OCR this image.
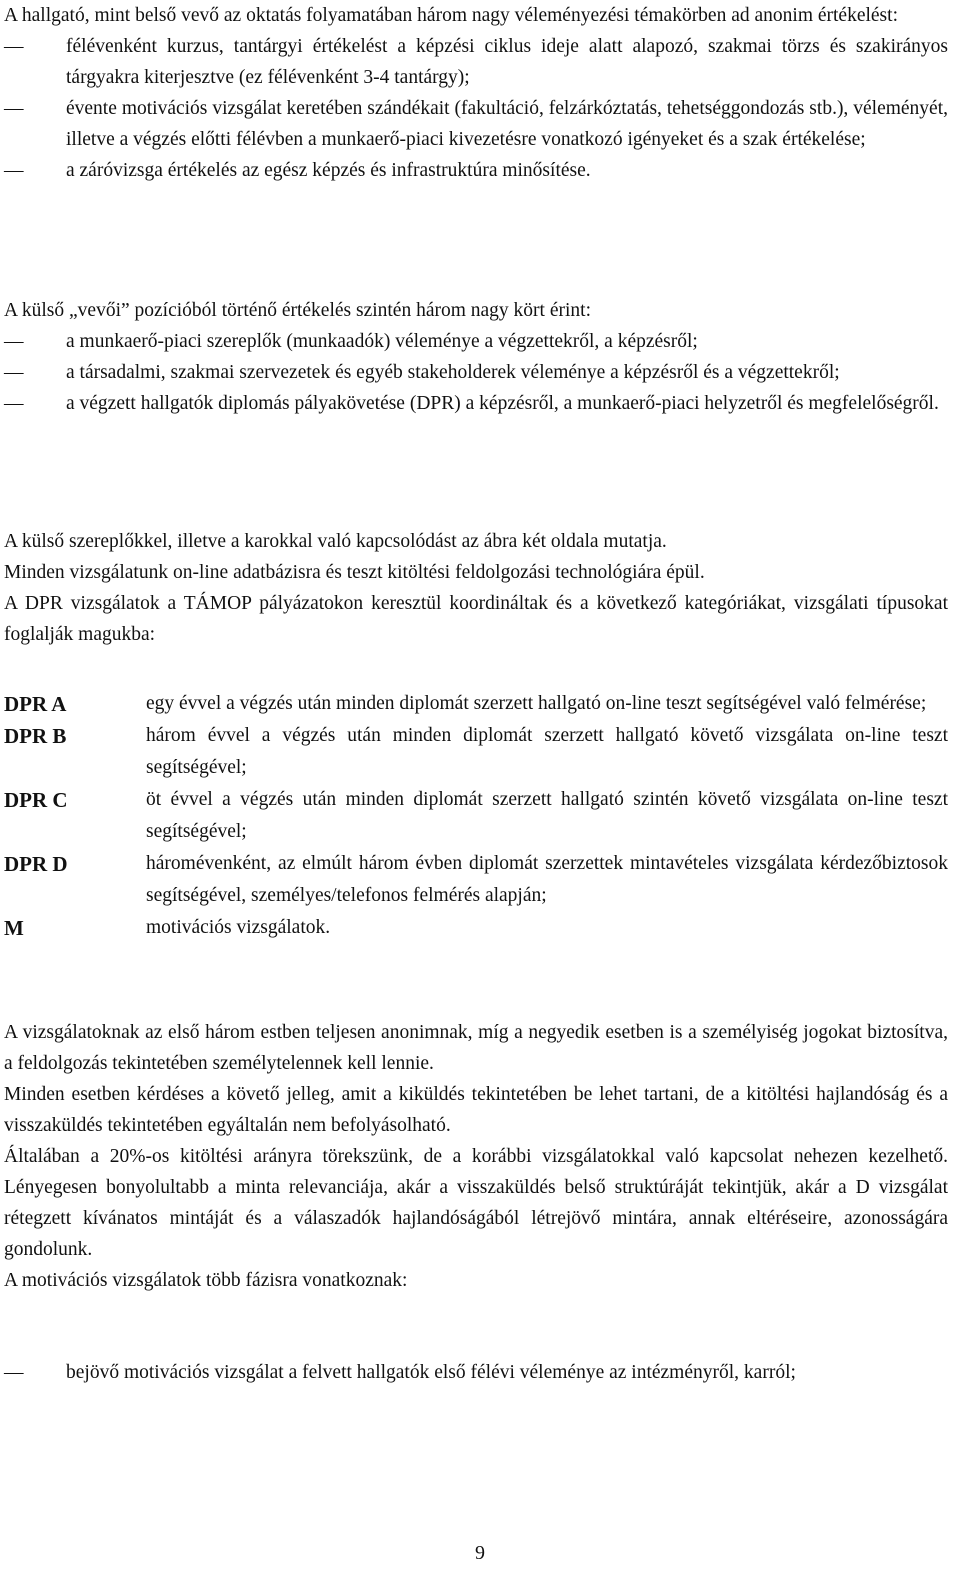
A hallgató, mint belső vevő az oktatás folyamatában három nagy véleményezési témakörben ad anonim értékelést:

—	félévenként kurzus, tantárgyi értékelést a képzési ciklus ideje alatt alapozó, szakmai törzs és szakirányos tárgyakra kiterjesztve (ez félévenként 3-4 tantárgy);
—	évente motivációs vizsgálat keretében szándékait (fakultáció, felzárkóztatás, tehetséggondozás stb.), véleményét, illetve a végzés előtti félévben a munkaerő-piaci kivezetésre vonatkozó igényeket és a szak értékelése;
—	a záróvizsga értékelés az egész képzés és infrastruktúra minősítése.

A külső „vevői” pozícióból történő értékelés szintén három nagy kört érint:

—	a munkaerő-piaci szereplők (munkaadók) véleménye a végzettekről, a képzésről;
—	a társadalmi, szakmai szervezetek és egyéb stakeholderek véleménye a képzésről és a végzettekről;
—	a végzett hallgatók diplomás pályakövetése (DPR) a képzésről, a munkaerő-piaci helyzetről és megfelelőségről.

A külső szereplőkkel, illetve a karokkal való kapcsolódást az ábra két oldala mutatja.

Minden vizsgálatunk on-line adatbázisra és teszt kitöltési feldolgozási technológiára épül.

A DPR vizsgálatok a TÁMOP pályázatokon keresztül koordináltak és a következő kategóriákat, vizsgálati típusokat foglalják magukba:

DPR A	egy évvel a végzés után minden diplomát szerzett hallgató on-line teszt segítségével való felmérése;
DPR B	három évvel a végzés után minden diplomát szerzett hallgató követő vizsgálata on-line teszt segítségével;
DPR C	öt évvel a végzés után minden diplomát szerzett hallgató szintén követő vizsgálata on-line teszt segítségével;
DPR D	háromévenként, az elmúlt három évben diplomát szerzettek mintavételes vizsgálata kérdezőbiztosok segítségével, személyes/telefonos felmérés alapján;
M	motivációs vizsgálatok.

A vizsgálatoknak az első három estben teljesen anonimnak, míg a negyedik esetben is a személyiség jogokat biztosítva, a feldolgozás tekintetében személytelennek kell lennie.

Minden esetben kérdéses a követő jelleg, amit a kiküldés tekintetében be lehet tartani, de a kitöltési hajlandóság és a visszaküldés tekintetében egyáltalán nem befolyásolható.

Általában a 20%-os kitöltési arányra törekszünk, de a korábbi vizsgálatokkal való kapcsolat nehezen kezelhető. Lényegesen bonyolultabb a minta relevanciája, akár a visszaküldés belső struktúráját tekintjük, akár a D vizsgálat rétegzett kívánatos mintáját és a válaszadók hajlandóságából létrejövő mintára, annak eltéréseire, azonosságára gondolunk.

A motivációs vizsgálatok több fázisra vonatkoznak:

—	bejövő motivációs vizsgálat a felvett hallgatók első félévi véleménye az intézményről, karról;
9
